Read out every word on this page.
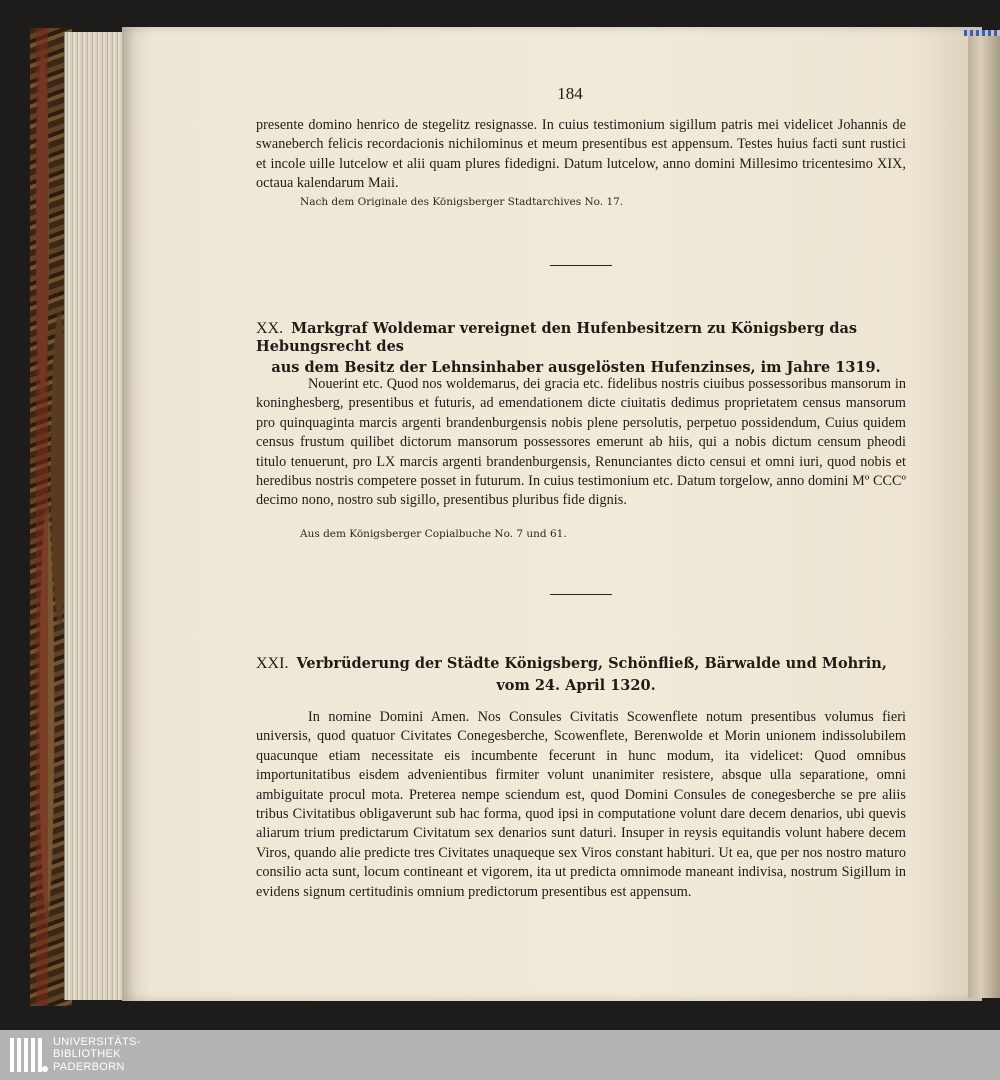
184
presente domino henrico de stegelitz resignasse. In cuius testimonium sigillum patris mei videlicet Johannis de swaneberch felicis recordacionis nichilominus et meum presentibus est appensum. Testes huius facti sunt rustici et incole uille lutcelow et alii quam plures fidedigni. Datum lutcelow, anno domini Millesimo tricentesimo XIX, octaua kalendarum Maii.
Nach dem Originale des Königsberger Stadtarchives No. 17.
XX. Markgraf Woldemar vereignet den Hufenbesitzern zu Königsberg das Hebungsrecht des
aus dem Besitz der Lehnsinhaber ausgelösten Hufenzinses, im Jahre 1319.
Nouerint etc. Quod nos woldemarus, dei gracia etc. fidelibus nostris ciuibus possessoribus mansorum in koninghesberg, presentibus et futuris, ad emendationem dicte ciuitatis dedimus proprietatem census mansorum pro quinquaginta marcis argenti brandenburgensis nobis plene persolutis, perpetuo possidendum, Cuius quidem census frustum quilibet dictorum mansorum possessores emerunt ab hiis, qui a nobis dictum censum pheodi titulo tenuerunt, pro LX marcis argenti brandenburgensis, Renunciantes dicto censui et omni iuri, quod nobis et heredibus nostris competere posset in futurum. In cuius testimonium etc. Datum torgelow, anno domini Mº CCCº decimo nono, nostro sub sigillo, presentibus pluribus fide dignis.
Aus dem Königsberger Copialbuche No. 7 und 61.
XXI. Verbrüderung der Städte Königsberg, Schönfließ, Bärwalde und Mohrin,
vom 24. April 1320.
In nomine Domini Amen. Nos Consules Civitatis Scowenflete notum presentibus volumus fieri universis, quod quatuor Civitates Conegesberche, Scowenflete, Berenwolde et Morin unionem indissolubilem quacunque etiam necessitate eis incumbente fecerunt in hunc modum, ita videlicet: Quod omnibus importunitatibus eisdem advenientibus firmiter volunt unanimiter resistere, absque ulla separatione, omni ambiguitate procul mota. Preterea nempe sciendum est, quod Domini Consules de conegesberche se pre aliis tribus Civitatibus obligaverunt sub hac forma, quod ipsi in computatione volunt dare decem denarios, ubi quevis aliarum trium predictarum Civitatum sex denarios sunt daturi. Insuper in reysis equitandis volunt habere decem Viros, quando alie predicte tres Civitates unaqueque sex Viros constant habituri. Ut ea, que per nos nostro maturo consilio acta sunt, locum contineant et vigorem, ita ut predicta omnimode maneant indivisa, nostrum Sigillum in evidens signum certitudinis omnium predictorum presentibus est appensum.
UNIVERSITÄTS-
BIBLIOTHEK
PADERBORN
